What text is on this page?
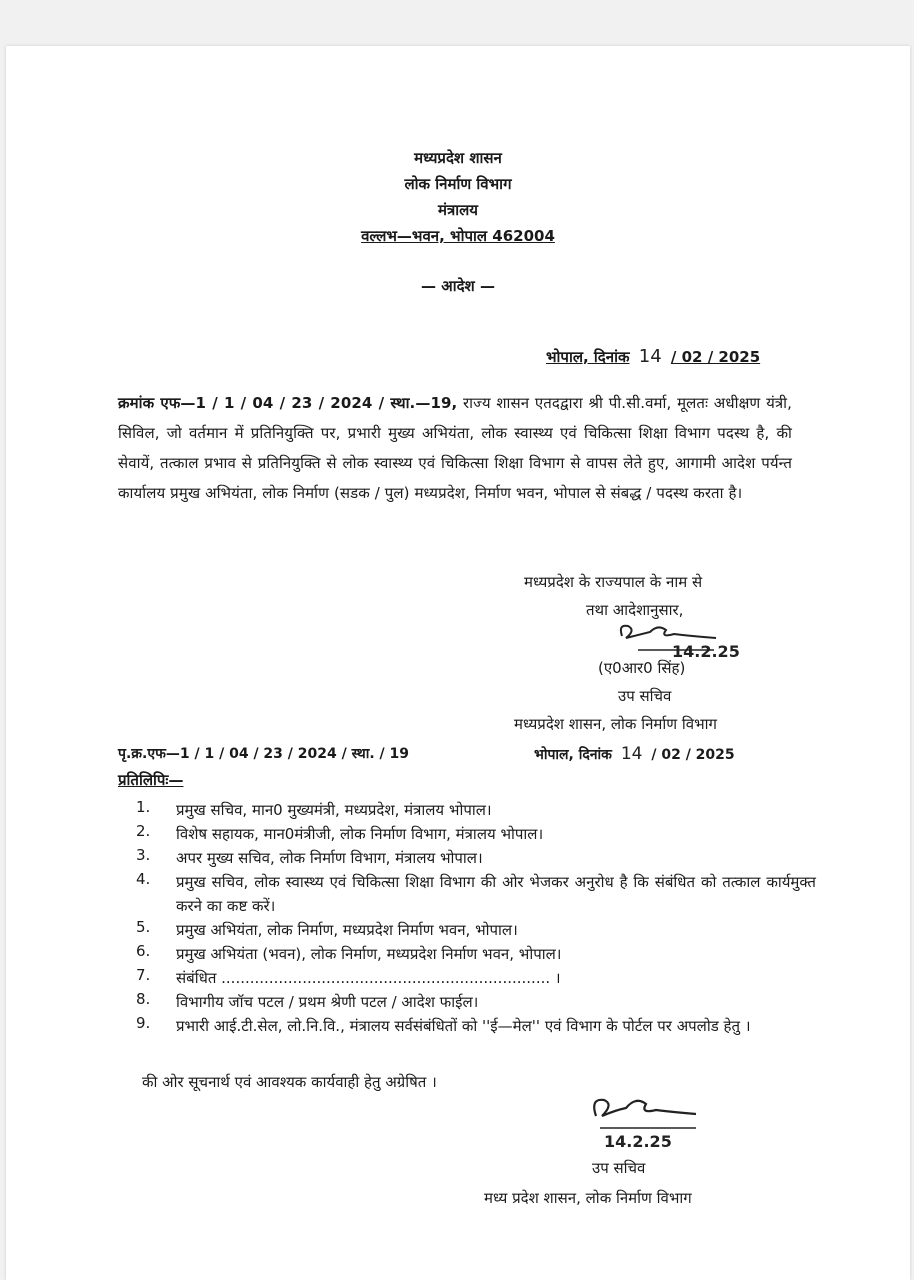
मध्यप्रदेश शासन
लोक निर्माण विभाग
मंत्रालय
वल्लभ—भवन, भोपाल 462004
— आदेश —
भोपाल, दिनांक 14 / 02 / 2025
क्रमांक एफ—1 / 1 / 04 / 23 / 2024 / स्था.—19, राज्य शासन एतदद्वारा श्री पी.सी.वर्मा, मूलतः अधीक्षण यंत्री, सिविल, जो वर्तमान में प्रतिनियुक्ति पर, प्रभारी मुख्य अभियंता, लोक स्वास्थ्य एवं चिकित्सा शिक्षा विभाग पदस्थ है, की सेवायें, तत्काल प्रभाव से प्रतिनियुक्ति से लोक स्वास्थ्य एवं चिकित्सा शिक्षा विभाग से वापस लेते हुए, आगामी आदेश पर्यन्त कार्यालय प्रमुख अभियंता, लोक निर्माण (सडक / पुल) मध्यप्रदेश, निर्माण भवन, भोपाल से संबद्ध / पदस्थ करता है।
मध्यप्रदेश के राज्यपाल के नाम से
तथा आदेशानुसार,
14.2.25
(ए0आर0 सिंह)
उप सचिव
मध्यप्रदेश शासन, लोक निर्माण विभाग
पृ.क्र.एफ—1 / 1 / 04 / 23 / 2024 / स्था. / 19	भोपाल, दिनांक 14 / 02 / 2025
प्रतिलिपिः—
1.	प्रमुख सचिव, मान0 मुख्यमंत्री, मध्यप्रदेश, मंत्रालय भोपाल।
2.	विशेष सहायक, मान0मंत्रीजी, लोक निर्माण विभाग, मंत्रालय भोपाल।
3.	अपर मुख्य सचिव, लोक निर्माण विभाग, मंत्रालय भोपाल।
4.	प्रमुख सचिव, लोक स्वास्थ्य एवं चिकित्सा शिक्षा विभाग की ओर भेजकर अनुरोध है कि संबंधित को तत्काल कार्यमुक्त करने का कष्ट करें।
5.	प्रमुख अभियंता, लोक निर्माण, मध्यप्रदेश निर्माण भवन, भोपाल।
6.	प्रमुख अभियंता (भवन), लोक निर्माण, मध्यप्रदेश निर्माण भवन, भोपाल।
7.	संबंधित ..................................................................... ।
8.	विभागीय जॉच पटल / प्रथम श्रेणी पटल / आदेश फाईल।
9.	प्रभारी आई.टी.सेल, लो.नि.वि., मंत्रालय सर्वसंबंधितों को ''ई—मेल'' एवं विभाग के पोर्टल पर अपलोड हेतु ।
की ओर सूचनार्थ एवं आवश्यक कार्यवाही हेतु अग्रेषित ।
14.2.25
उप सचिव
मध्य प्रदेश शासन, लोक निर्माण विभाग
